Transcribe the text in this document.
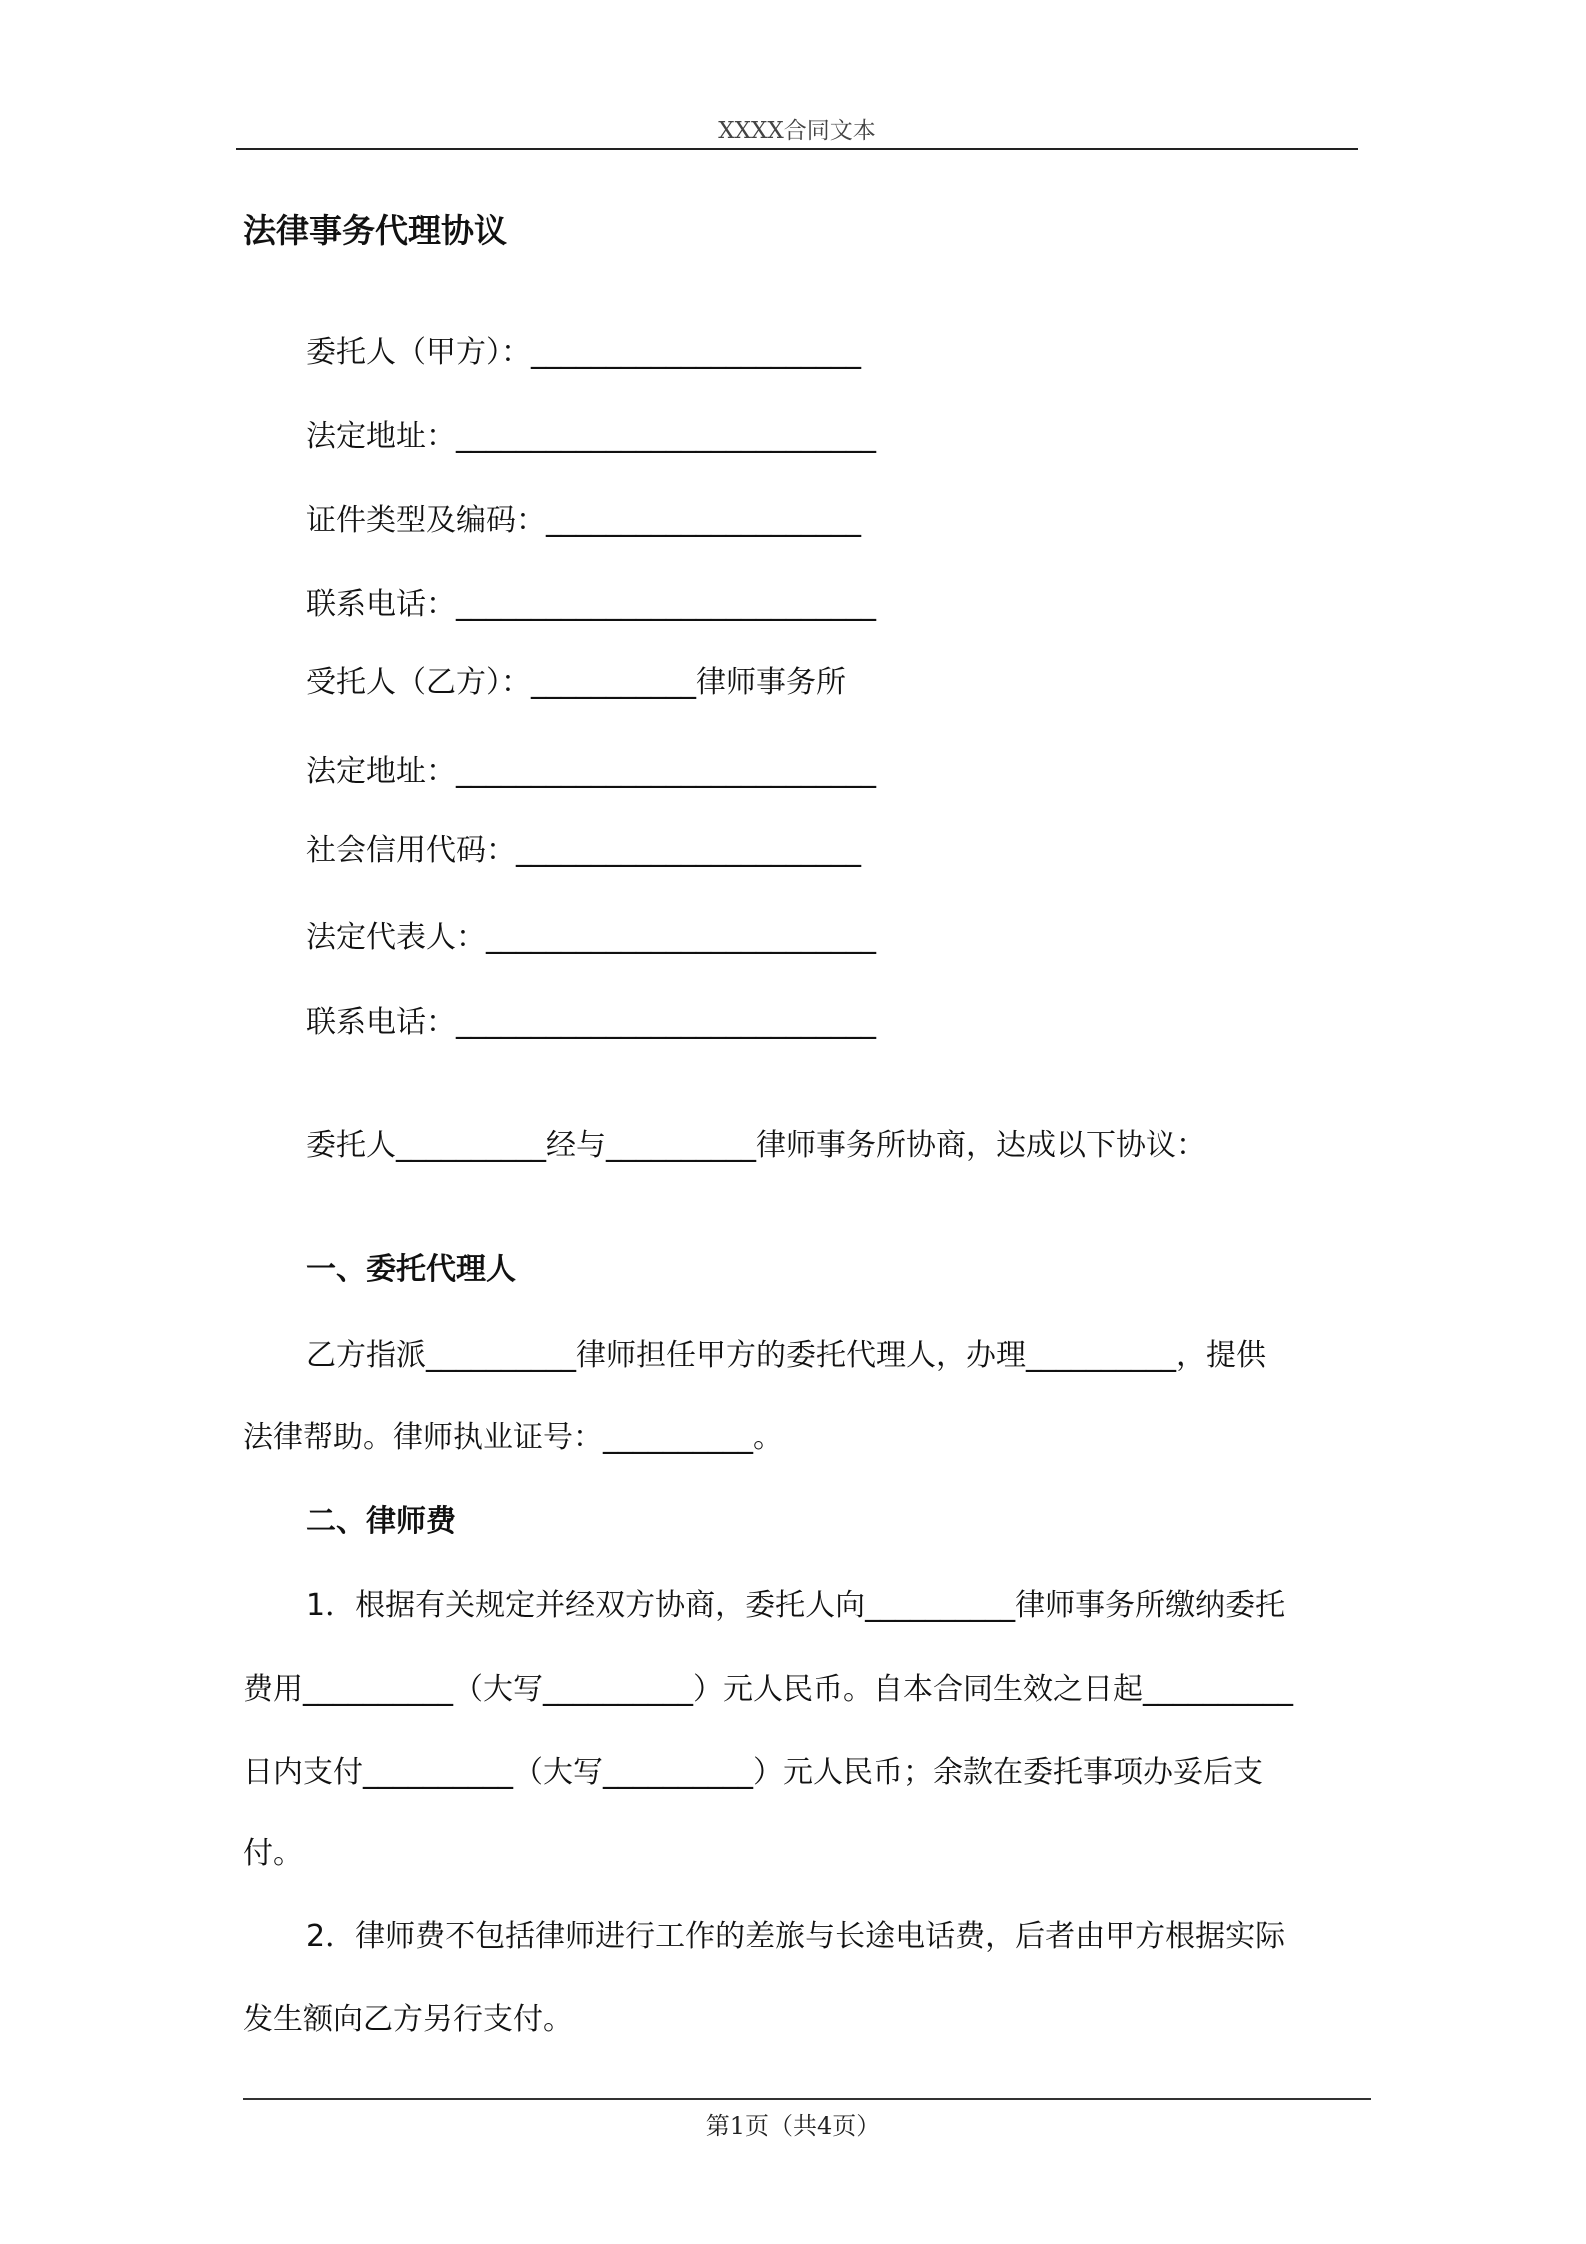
XXXX合同文本
法律事务代理协议
委托人（甲方）：______________________
法定地址：____________________________
证件类型及编码：_____________________
联系电话：____________________________
受托人（乙方）：___________律师事务所
法定地址：____________________________
社会信用代码：_______________________
法定代表人：__________________________
联系电话：____________________________
委托人__________经与__________律师事务所协商，达成以下协议：
一、委托代理人
乙方指派__________律师担任甲方的委托代理人，办理__________，提供
法律帮助。律师执业证号：__________。
二、律师费
1．根据有关规定并经双方协商，委托人向__________律师事务所缴纳委托
费用__________（大写__________）元人民币。自本合同生效之日起__________
日内支付__________（大写__________）元人民币；余款在委托事项办妥后支
付。
2．律师费不包括律师进行工作的差旅与长途电话费，后者由甲方根据实际
发生额向乙方另行支付。
第1页（共4页）
